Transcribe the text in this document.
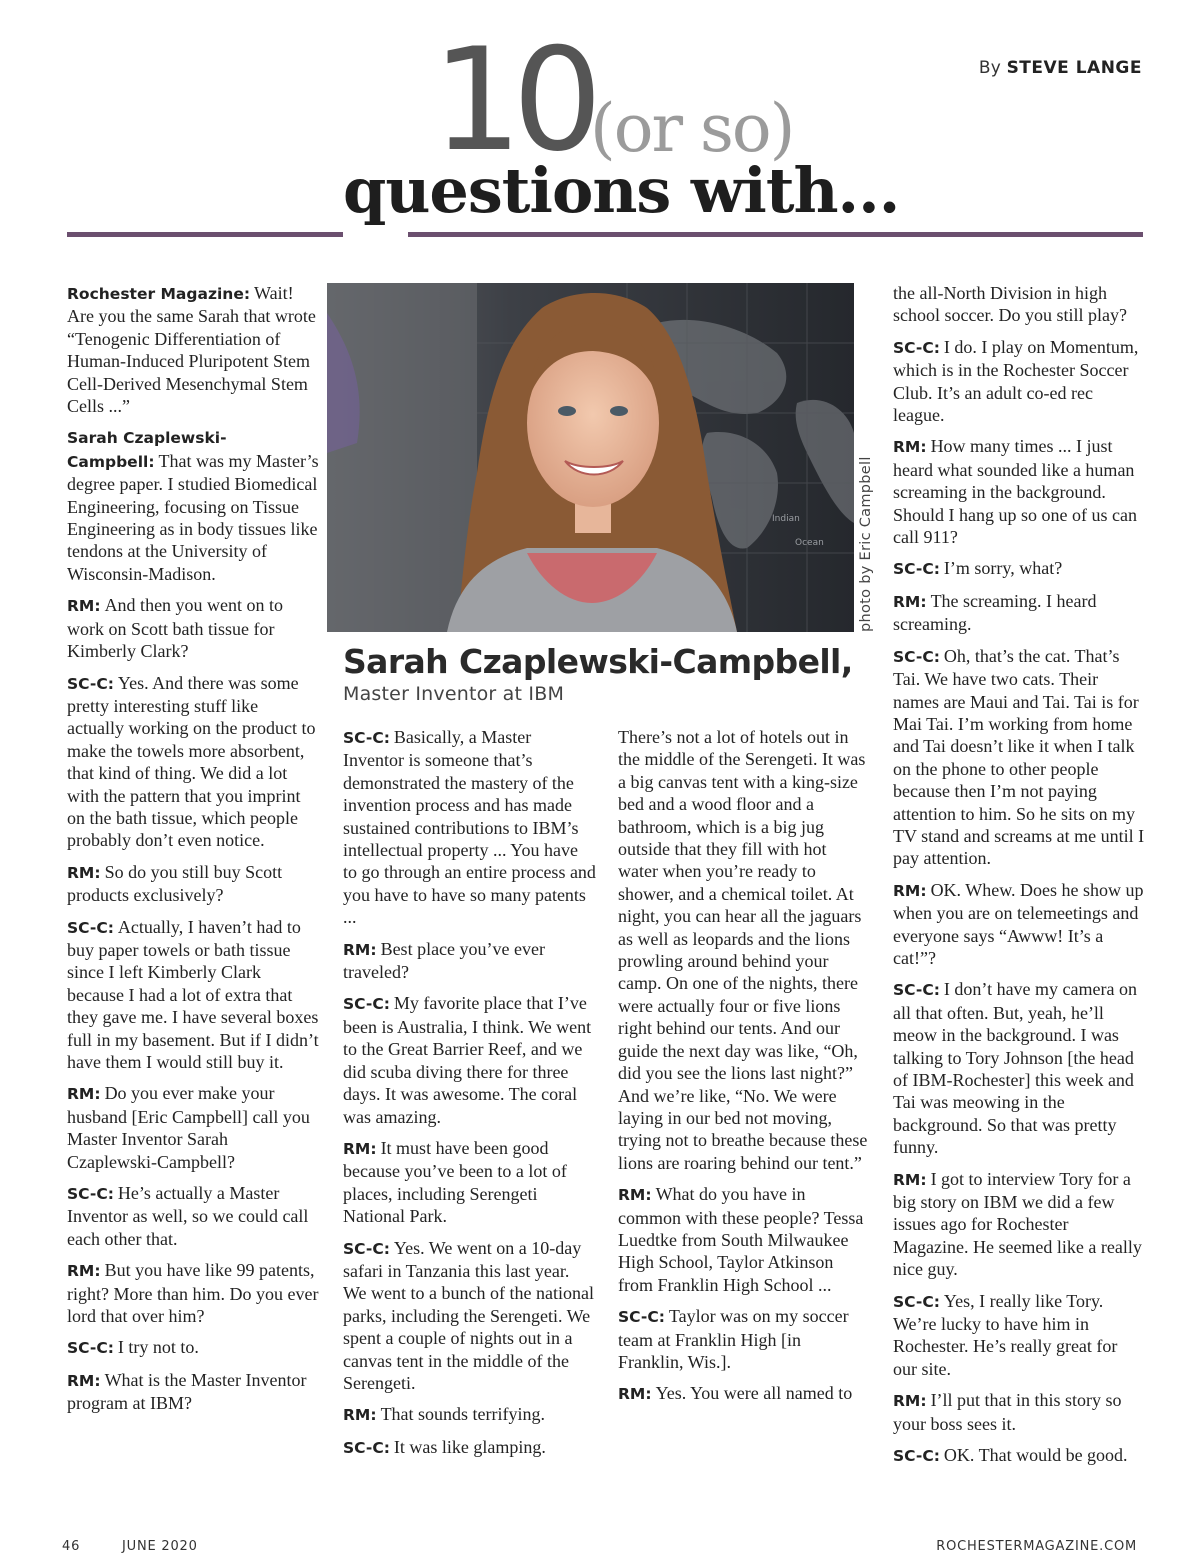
By STEVE LANGE
10
(or so)
questions with...

Rochester Magazine: Wait! Are you the same Sarah that wrote “Tenogenic Differentiation of Human-Induced Pluripotent Stem Cell-Derived Mesenchymal Stem Cells ...”

Sarah Czaplewski-Campbell: That was my Master’s degree paper. I studied Biomedical Engineering, focusing on Tissue Engineering as in body tissues like tendons at the University of Wisconsin-Madison.

RM: And then you went on to work on Scott bath tissue for Kimberly Clark?

SC-C: Yes. And there was some pretty interesting stuff like actually working on the product to make the towels more absorbent, that kind of thing. We did a lot with the pattern that you imprint on the bath tissue, which people probably don’t even notice.

RM: So do you still buy Scott products exclusively?

SC-C: Actually, I haven’t had to buy paper towels or bath tissue since I left Kimberly Clark because I had a lot of extra that they gave me. I have several boxes full in my basement. But if I didn’t have them I would still buy it.

RM: Do you ever make your husband [Eric Campbell] call you Master Inventor Sarah Czaplewski-Campbell?

SC-C: He’s actually a Master Inventor as well, so we could call each other that.

RM: But you have like 99 patents, right? More than him. Do you ever lord that over him?

SC-C: I try not to.

RM: What is the Master Inventor program at IBM?

Indian
Ocean photo by Eric Campbell
Sarah Czaplewski-Campbell,
Master Inventor at IBM

SC-C: Basically, a Master Inventor is someone that’s demonstrated the mastery of the invention process and has made sustained contributions to IBM’s intellectual property ... You have to go through an entire process and you have to have so many patents ...

RM: Best place you’ve ever traveled?

SC-C: My favorite place that I’ve been is Australia, I think. We went to the Great Barrier Reef, and we did scuba diving there for three days. It was awesome. The coral was amazing.

RM: It must have been good because you’ve been to a lot of places, including Serengeti National Park.

SC-C: Yes. We went on a 10-day safari in Tanzania this last year. We went to a bunch of the national parks, including the Serengeti. We spent a couple of nights out in a canvas tent in the middle of the Serengeti.

RM: That sounds terrifying.

SC-C: It was like glamping.

There’s not a lot of hotels out in the middle of the Serengeti. It was a big canvas tent with a king-size bed and a wood floor and a bathroom, which is a big jug outside that they fill with hot water when you’re ready to shower, and a chemical toilet. At night, you can hear all the jaguars as well as leopards and the lions prowling around behind your camp. On one of the nights, there were actually four or five lions right behind our tents. And our guide the next day was like, “Oh, did you see the lions last night?” And we’re like, “No. We were laying in our bed not moving, trying not to breathe because these lions are roaring behind our tent.”

RM: What do you have in common with these people? Tessa Luedtke from South Milwaukee High School, Taylor Atkinson from Franklin High School ...

SC-C: Taylor was on my soccer team at Franklin High [in Franklin, Wis.].

RM: Yes. You were all named to

the all-North Division in high school soccer. Do you still play?

SC-C: I do. I play on Momentum, which is in the Rochester Soccer Club. It’s an adult co-ed rec league.

RM: How many times ... I just heard what sounded like a human screaming in the background. Should I hang up so one of us can call 911?

SC-C: I’m sorry, what?

RM: The screaming. I heard screaming.

SC-C: Oh, that’s the cat. That’s Tai. We have two cats. Their names are Maui and Tai. Tai is for Mai Tai. I’m working from home and Tai doesn’t like it when I talk on the phone to other people because then I’m not paying attention to him. So he sits on my TV stand and screams at me until I pay attention.

RM: OK. Whew. Does he show up when you are on telemeetings and everyone says “Awww! It’s a cat!”?

SC-C: I don’t have my camera on all that often. But, yeah, he’ll meow in the background. I was talking to Tory Johnson [the head of IBM-Rochester] this week and Tai was meowing in the background. So that was pretty funny.

RM: I got to interview Tory for a big story on IBM we did a few issues ago for Rochester Magazine. He seemed like a really nice guy.

SC-C: Yes, I really like Tory. We’re lucky to have him in Rochester. He’s really great for our site.

RM: I’ll put that in this story so your boss sees it.

SC-C: OK. That would be good.

46	JUNE 2020	ROCHESTERMAGAZINE.COM
